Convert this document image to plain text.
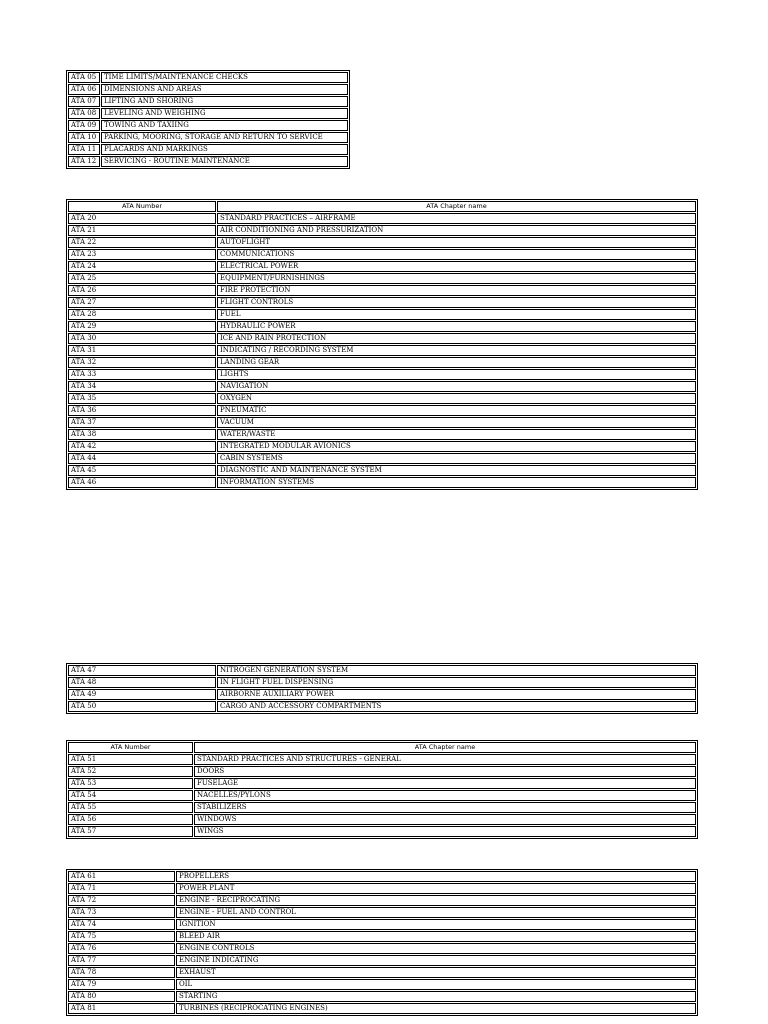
ATA 05	TIME LIMITS/MAINTENANCE CHECKS
ATA 06	DIMENSIONS AND AREAS
ATA 07	LIFTING AND SHORING
ATA 08	LEVELING AND WEIGHING
ATA 09	TOWING AND TAXIING
ATA 10	PARKING, MOORING, STORAGE AND RETURN TO SERVICE
ATA 11	PLACARDS AND MARKINGS
ATA 12	SERVICING - ROUTINE MAINTENANCE
ATA Number	ATA Chapter name
ATA 20	STANDARD PRACTICES – AIRFRAME
ATA 21	AIR CONDITIONING AND PRESSURIZATION
ATA 22	AUTOFLIGHT
ATA 23	COMMUNICATIONS
ATA 24	ELECTRICAL POWER
ATA 25	EQUIPMENT/FURNISHINGS
ATA 26	FIRE PROTECTION
ATA 27	FLIGHT CONTROLS
ATA 28	FUEL
ATA 29	HYDRAULIC POWER
ATA 30	ICE AND RAIN PROTECTION
ATA 31	INDICATING / RECORDING SYSTEM
ATA 32	LANDING GEAR
ATA 33	LIGHTS
ATA 34	NAVIGATION
ATA 35	OXYGEN
ATA 36	PNEUMATIC
ATA 37	VACUUM
ATA 38	WATER/WASTE
ATA 42	INTEGRATED MODULAR AVIONICS
ATA 44	CABIN SYSTEMS
ATA 45	DIAGNOSTIC AND MAINTENANCE SYSTEM
ATA 46	INFORMATION SYSTEMS
ATA 47	NITROGEN GENERATION SYSTEM
ATA 48	IN FLIGHT FUEL DISPENSING
ATA 49	AIRBORNE AUXILIARY POWER
ATA 50	CARGO AND ACCESSORY COMPARTMENTS
ATA Number	ATA Chapter name
ATA 51	STANDARD PRACTICES AND STRUCTURES - GENERAL
ATA 52	DOORS
ATA 53	FUSELAGE
ATA 54	NACELLES/PYLONS
ATA 55	STABILIZERS
ATA 56	WINDOWS
ATA 57	WINGS
ATA 61	PROPELLERS
ATA 71	POWER PLANT
ATA 72	ENGINE - RECIPROCATING
ATA 73	ENGINE - FUEL AND CONTROL
ATA 74	IGNITION
ATA 75	BLEED AIR
ATA 76	ENGINE CONTROLS
ATA 77	ENGINE INDICATING
ATA 78	EXHAUST
ATA 79	OIL
ATA 80	STARTING
ATA 81	TURBINES (RECIPROCATING ENGINES)
